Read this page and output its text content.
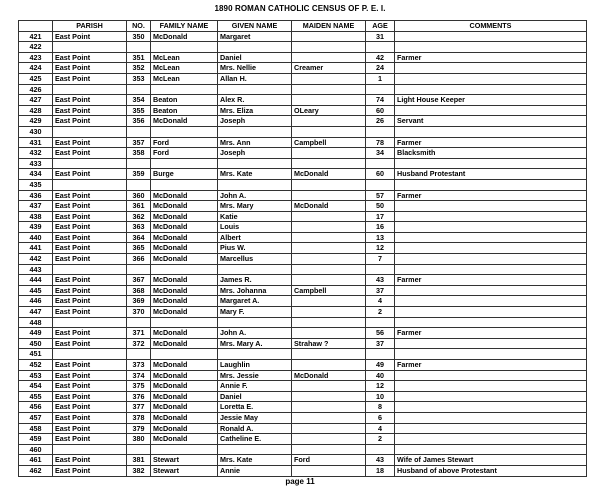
1890 ROMAN CATHOLIC CENSUS OF P. E. I.
	PARISH	NO.	FAMILY NAME	GIVEN NAME	MAIDEN NAME	AGE	COMMENTS
421	East Point	350	McDonald	Margaret		31	
422							
423	East Point	351	McLean	Daniel		42	Farmer
424	East Point	352	McLean	Mrs. Nellie	Creamer	24	
425	East Point	353	McLean	Allan H.		1	
426							
427	East Point	354	Beaton	Alex R.		74	Light House Keeper
428	East Point	355	Beaton	Mrs. Eliza	OLeary	60	
429	East Point	356	McDonald	Joseph		26	Servant
430							
431	East Point	357	Ford	Mrs. Ann	Campbell	78	Farmer
432	East Point	358	Ford	Joseph		34	Blacksmith
433							
434	East Point	359	Burge	Mrs. Kate	McDonald	60	Husband Protestant
435							
436	East Point	360	McDonald	John A.		57	Farmer
437	East Point	361	McDonald	Mrs. Mary	McDonald	50	
438	East Point	362	McDonald	Katie		17	
439	East Point	363	McDonald	Louis		16	
440	East Point	364	McDonald	Albert		13	
441	East Point	365	McDonald	Pius W.		12	
442	East Point	366	McDonald	Marcellus		7	
443							
444	East Point	367	McDonald	James R.		43	Farmer
445	East Point	368	McDonald	Mrs. Johanna	Campbell	37	
446	East Point	369	McDonald	Margaret A.		4	
447	East Point	370	McDonald	Mary F.		2	
448							
449	East Point	371	McDonald	John A.		56	Farmer
450	East Point	372	McDonald	Mrs. Mary A.	Strahaw ?	37	
451							
452	East Point	373	McDonald	Laughlin		49	Farmer
453	East Point	374	McDonald	Mrs. Jessie	McDonald	40	
454	East Point	375	McDonald	Annie F.		12	
455	East Point	376	McDonald	Daniel		10	
456	East Point	377	McDonald	Loretta E.		8	
457	East Point	378	McDonald	Jessie May		6	
458	East Point	379	McDonald	Ronald A.		4	
459	East Point	380	McDonald	Catheline E.		2	
460							
461	East Point	381	Stewart	Mrs. Kate	Ford	43	Wife of James Stewart
462	East Point	382	Stewart	Annie		18	Husband of above Protestant
page 11
